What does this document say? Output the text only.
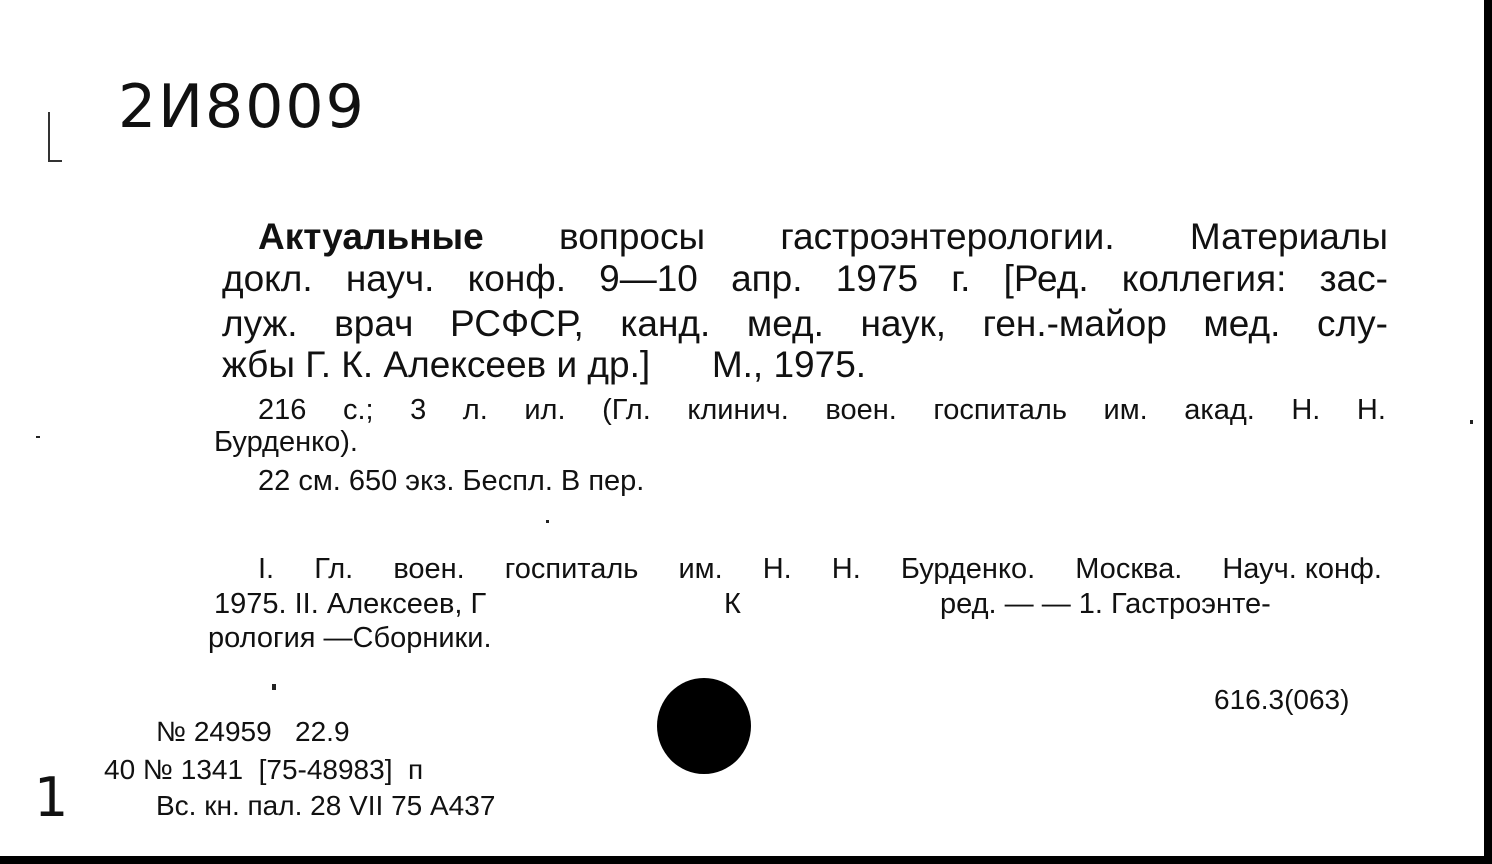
2И8009
Актуальные вопросы гастроэнтерологии. Материалы
докл. науч. конф. 9—10 апр. 1975 г. [Ред. коллегия: зас-
луж. врач РСФСР, канд. мед. наук, ген.-майор мед. слу-
жбы Г. К. Алексеев и др.]      М., 1975.
216 с.; 3 л. ил. (Гл. клинич. воен. госпиталь им. акад. Н. Н.
Бурденко).
22 см. 650 экз. Беспл. В пер.
I. Гл. воен. госпиталь им. Н. Н. Бурденко. Москва. Науч. конф.
1975. II. Алексеев, Г	К	ред. — — 1. Гастроэнте-
рология —Сборники.
616.3(063)
№ 24959   22.9
40 № 1341  [75-48983]  п
Вс. кн. пал. 28 VII 75 А437
1
